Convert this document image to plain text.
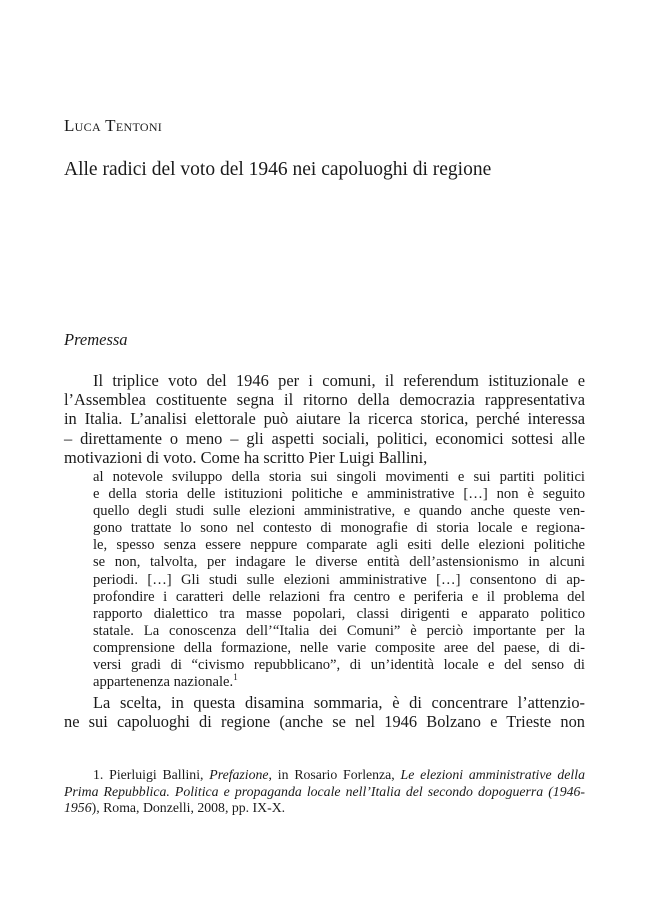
Luca Tentoni
Alle radici del voto del 1946 nei capoluoghi di regione
Premessa
Il triplice voto del 1946 per i comuni, il referendum istituzionale e
l’Assemblea costituente segna il ritorno della democrazia rappresentativa
in Italia. L’analisi elettorale può aiutare la ricerca storica, perché interessa
– direttamente o meno – gli aspetti sociali, politici, economici sottesi alle
motivazioni di voto. Come ha scritto Pier Luigi Ballini,
al notevole sviluppo della storia sui singoli movimenti e sui partiti politici
e della storia delle istituzioni politiche e amministrative […] non è seguito
quello degli studi sulle elezioni amministrative, e quando anche queste ven-
gono trattate lo sono nel contesto di monografie di storia locale e regiona-
le, spesso senza essere neppure comparate agli esiti delle elezioni politiche
se non, talvolta, per indagare le diverse entità dell’astensionismo in alcuni
periodi. […] Gli studi sulle elezioni amministrative […] consentono di ap-
profondire i caratteri delle relazioni fra centro e periferia e il problema del
rapporto dialettico tra masse popolari, classi dirigenti e apparato politico
statale. La conoscenza dell’“Italia dei Comuni” è perciò importante per la
comprensione della formazione, nelle varie composite aree del paese, di di-
versi gradi di “civismo repubblicano”, di un’identità locale e del senso di
appartenenza nazionale.$^1$
La scelta, in questa disamina sommaria, è di concentrare l’attenzio-
ne sui capoluoghi di regione (anche se nel 1946 Bolzano e Trieste non
1. Pierluigi Ballini, Prefazione, in Rosario Forlenza, Le elezioni amministrative della
Prima Repubblica. Politica e propaganda locale nell’Italia del secondo dopoguerra (1946-
1956), Roma, Donzelli, 2008, pp. IX-X.
